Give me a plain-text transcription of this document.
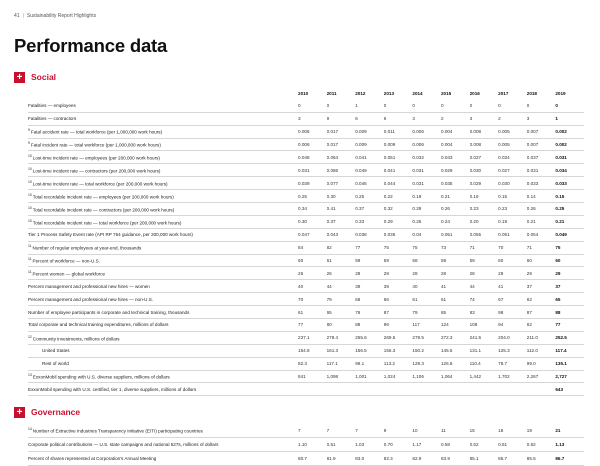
41 | Sustainability Report Highlights
Performance data
+	Social
	2010	2011	2012	2013	2014	2015	2016	2017	2018	2019
Fatalities — employees	0	0	1	0	0	0	0	0	0	0
Fatalities — contractors	3	9	6	6	3	2	3	2	3	1
$^9$Fatal accident rate — total workforce (per 1,000,000 work hours)	0.006	0.017	0.009	0.011	0.006	0.004	0.008	0.005	0.007	0.002
$^9$Fatal incident rate — total workforce (per 1,000,000 work hours)	0.006	0.017	0.009	0.009	0.006	0.004	0.008	0.005	0.007	0.002
$^{10}$Lost-time incident rate — employees (per 200,000 work hours)	0.048	0.064	0.041	0.051	0.032	0.043	0.027	0.034	0.037	0.031
$^{10}$Lost-time incident rate — contractors (per 200,000 work hours)	0.031	0.086	0.049	0.041	0.031	0.029	0.030	0.027	0.031	0.034
$^{10}$Lost-time incident rate — total workforce (per 200,000 work hours)	0.039	0.077	0.046	0.044	0.031	0.035	0.029	0.030	0.033	0.033
$^{10}$Total recordable incident rate — employees (per 200,000 work hours)	0.25	0.30	0.25	0.22	0.19	0.21	0.16	0.15	0.14	0.15
$^{10}$Total recordable incident rate — contractors (per 200,000 work hours)	0.34	0.41	0.37	0.32	0.29	0.26	0.23	0.23	0.26	0.25
$^{10}$Total recordable incident rate — total workforce (per 200,000 work hours)	0.30	0.37	0.33	0.29	0.26	0.24	0.20	0.19	0.21	0.21
Tier 1 Process Safety Event rate (API RP 754 guidance, per 200,000 work hours)	0.047	0.043	0.038	0.036	0.04	0.051	0.055	0.051	0.054	0.049
$^{11}$Number of regular employees at year-end, thousands	84	82	77	75	75	73	71	70	71	75
$^{11}$Percent of workforce — non-U.S.	60	61	59	59	58	59	59	60	60	60
$^{11}$Percent women — global workforce	26	26	28	28	28	28	28	28	29	29
Percent management and professional new hires — women	40	44	39	39	40	41	44	41	37	37
Percent management and professional new hires — non-U.S.	70	79	68	66	61	61	74	67	62	65
Number of employee participants in corporate and technical training, thousands	61	65	76	87	79	85	83	98	87	88
Total corporate and technical training expenditures, millions of dollars	77	80	88	96	117	124	108	94	62	77
$^{12}$Community investments, millions of dollars	237.1	278.4	255.6	269.5	279.5	272.3	241.5	204.0	211.0	252.5
United States	154.8	161.3	156.5	156.3	150.2	145.5	131.1	125.3	112.0	117.4
Rest of world	82.3	117.1	99.1	113.2	129.3	126.8	110.4	78.7	99.0	135.1
$^{13}$ExxonMobil spending with U.S. diverse suppliers, millions of dollars	841	1,098	1,001	1,024	1,106	1,064	1,442	1,702	2,267	2,727
ExxonMobil spending with U.S. certified, tier 1, diverse suppliers, millions of dollars										643
+	Governance
$^{14}$Number of Extractive Industries Transparency Initiative (EITI) participating countries	7	7	7	9	10	11	15	18	19	21
Corporate political contributions — U.S. state campaigns and national 527s, millions of dollars	1.10	0.51	1.03	0.70	1.17	0.58	0.52	0.51	0.62	1.13
Percent of shares represented at Corporation's Annual Meeting	80.7	81.9	83.0	82.3	82.9	83.9	85.1	85.7	85.5	86.7
